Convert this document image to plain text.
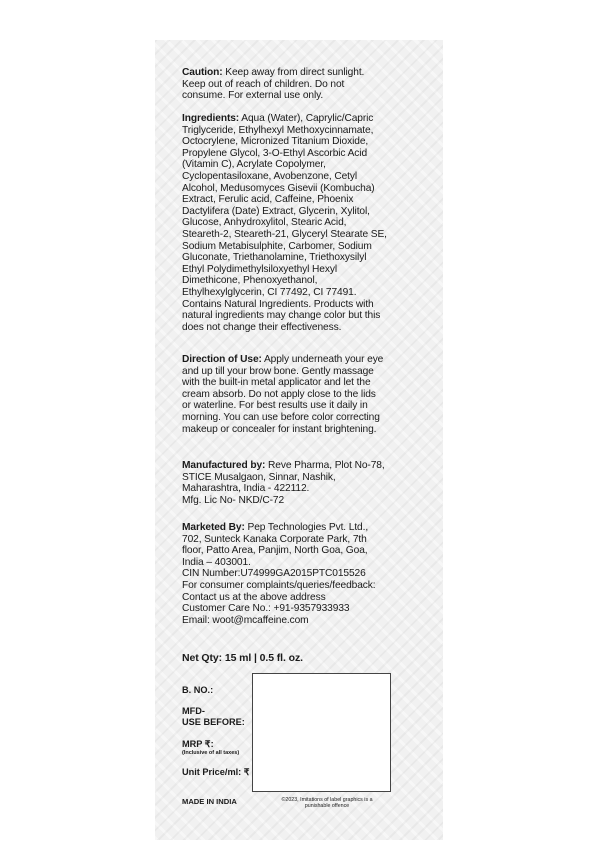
Caution: Keep away from direct sunlight. Keep out of reach of children. Do not consume. For external use only.
Ingredients: Aqua (Water), Caprylic/Capric Triglyceride, Ethylhexyl Methoxycinnamate, Octocrylene, Micronized Titanium Dioxide, Propylene Glycol, 3-O-Ethyl Ascorbic Acid (Vitamin C), Acrylate Copolymer, Cyclopentasiloxane, Avobenzone, Cetyl Alcohol, Medusomyces Gisevii (Kombucha) Extract, Ferulic acid, Caffeine, Phoenix Dactylifera (Date) Extract, Glycerin, Xylitol, Glucose, Anhydroxylitol, Stearic Acid, Steareth-2, Steareth-21, Glyceryl Stearate SE, Sodium Metabisulphite, Carbomer, Sodium Gluconate, Triethanolamine, Triethoxysilyl Ethyl Polydimethylsiloxyethyl Hexyl Dimethicone, Phenoxyethanol, Ethylhexylglycerin, CI 77492, CI 77491. Contains Natural Ingredients. Products with natural ingredients may change color but this does not change their effectiveness.
Direction of Use: Apply underneath your eye and up till your brow bone. Gently massage with the built-in metal applicator and let the cream absorb. Do not apply close to the lids or waterline. For best results use it daily in morning. You can use before color correcting makeup or concealer for instant brightening.
Manufactured by: Reve Pharma, Plot No-78, STICE Musalgaon, Sinnar, Nashik, Maharashtra, India - 422112.
Mfg. Lic No- NKD/C-72
Marketed By: Pep Technologies Pvt. Ltd., 702, Sunteck Kanaka Corporate Park, 7th floor, Patto Area, Panjim, North Goa, Goa, India – 403001.
CIN Number:U74999GA2015PTC015526
For consumer complaints/queries/feedback:
Contact us at the above address
Customer Care No.: +91-9357933933
Email: woot@mcaffeine.com
Net Qty: 15 ml | 0.5 fl. oz.
B. NO.:
MFD-
USE BEFORE:
MRP ₹:
(Inclusive of all taxes)
Unit Price/ml: ₹
MADE IN INDIA	©2023, Imitations of label graphics is a punishable offence
